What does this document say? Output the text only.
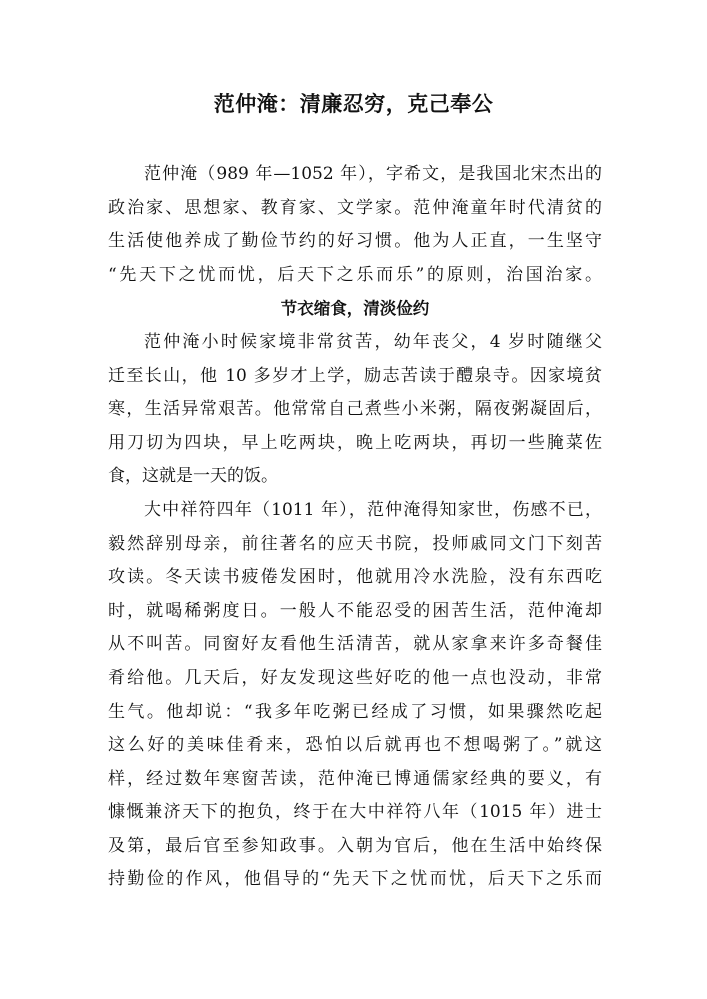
范仲淹：清廉忍穷，克己奉公
范仲淹（989 年—1052 年），字希文，是我国北宋杰出的
政治家、思想家、教育家、文学家。范仲淹童年时代清贫的
生活使他养成了勤俭节约的好习惯。他为人正直，一生坚守
“先天下之忧而忧，后天下之乐而乐”的原则，治国治家。
节衣缩食，清淡俭约
范仲淹小时候家境非常贫苦，幼年丧父，4 岁时随继父
迁至长山，他 10 多岁才上学，励志苦读于醴泉寺。因家境贫
寒，生活异常艰苦。他常常自己煮些小米粥，隔夜粥凝固后，
用刀切为四块，早上吃两块，晚上吃两块，再切一些腌菜佐
食，这就是一天的饭。
大中祥符四年（1011 年），范仲淹得知家世，伤感不已，
毅然辞别母亲，前往著名的应天书院，投师戚同文门下刻苦
攻读。冬天读书疲倦发困时，他就用冷水洗脸，没有东西吃
时，就喝稀粥度日。一般人不能忍受的困苦生活，范仲淹却
从不叫苦。同窗好友看他生活清苦，就从家拿来许多奇餐佳
肴给他。几天后，好友发现这些好吃的他一点也没动，非常
生气。他却说：“我多年吃粥已经成了习惯，如果骤然吃起
这么好的美味佳肴来，恐怕以后就再也不想喝粥了。”就这
样，经过数年寒窗苦读，范仲淹已博通儒家经典的要义，有
慷慨兼济天下的抱负，终于在大中祥符八年（1015 年）进士
及第，最后官至参知政事。入朝为官后，他在生活中始终保
持勤俭的作风，他倡导的“先天下之忧而忧，后天下之乐而
